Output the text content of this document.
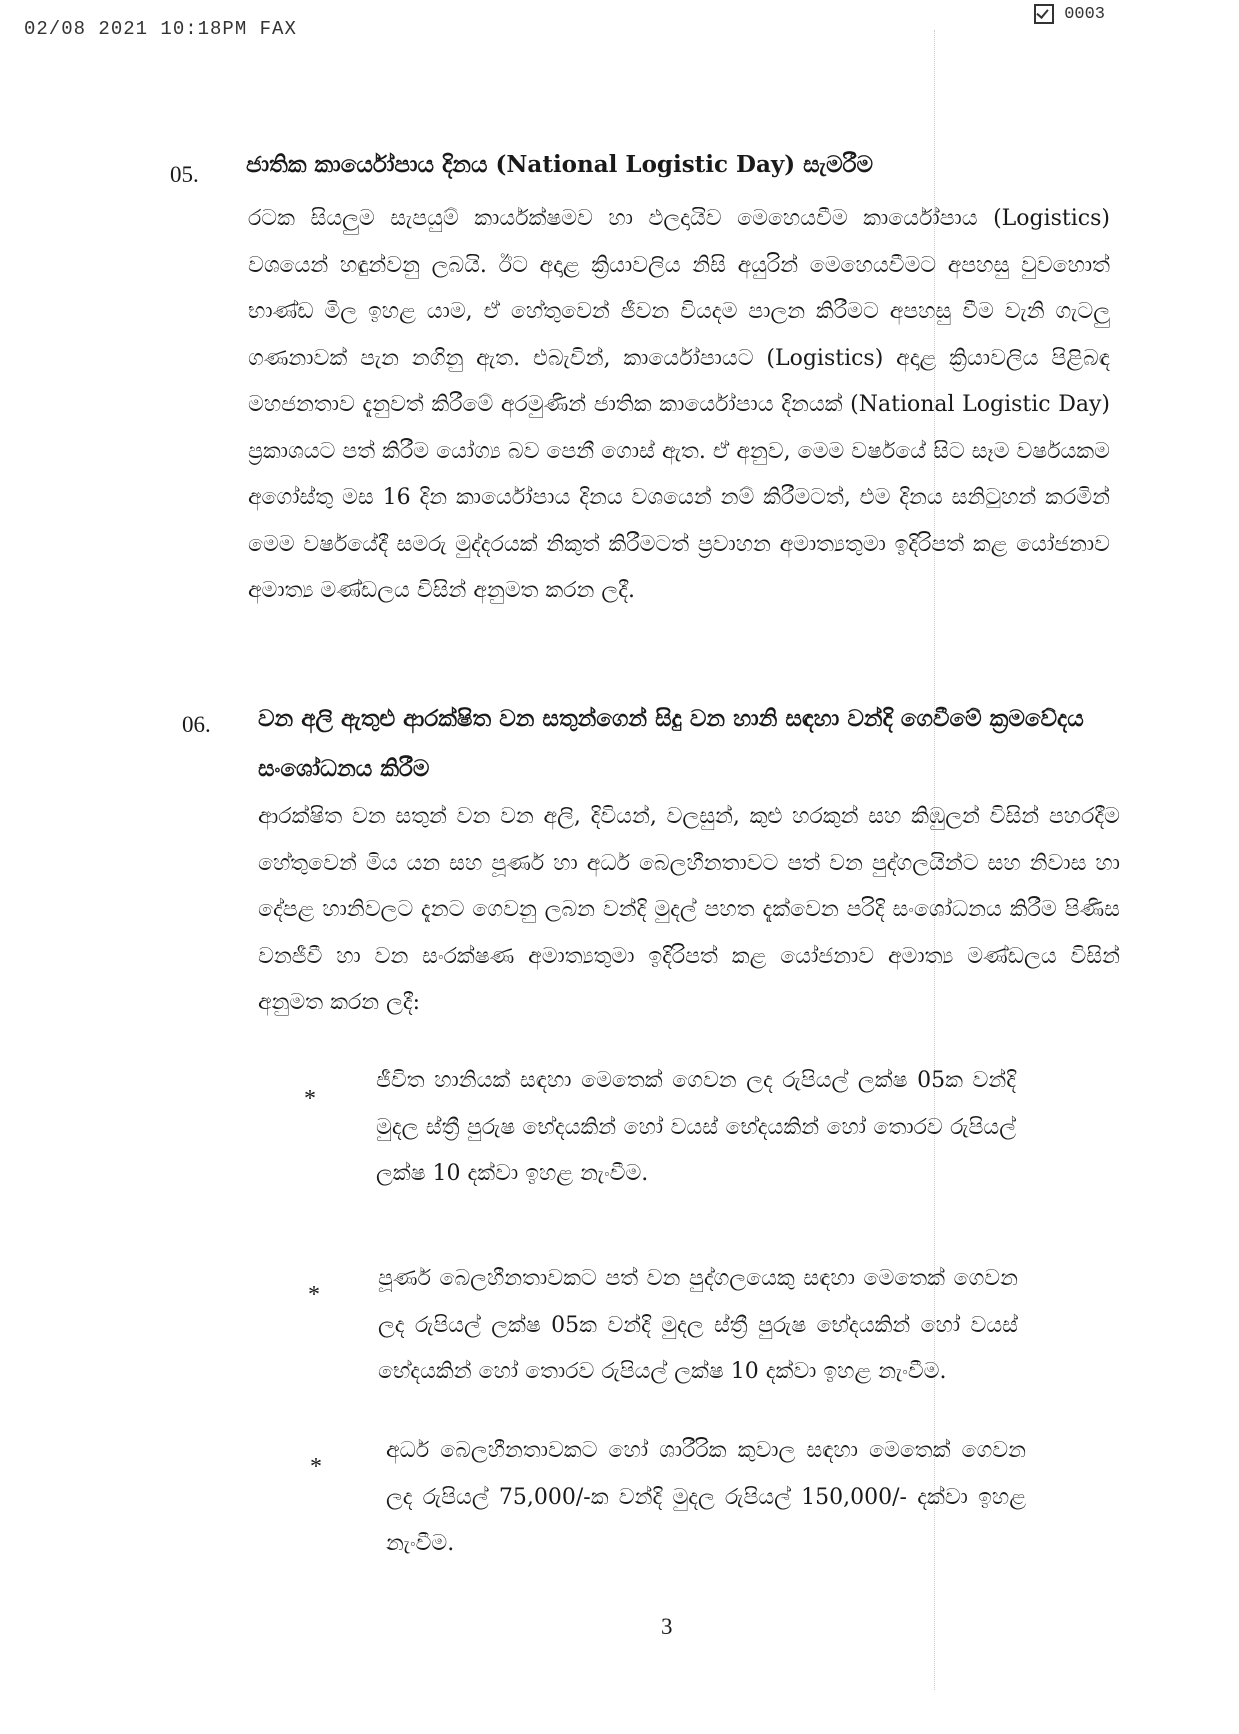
02/08 2021 10:18PM FAX
0003
05. ජාතික කාර්යෝපාය දිනය (National Logistic Day) සැමරීම
රටක සියලුම සැපයුම් කාර්යක්ෂමව හා ඵලදායිව මෙහෙයවීම කාර්යෝපාය (Logistics) වශයෙන් හඳුන්වනු ලබයි. ඊට අදාළ ක්‍රියාවලිය නිසි අයුරින් මෙහෙයවීමට අපහසු වුවහොත් භාණ්ඩ මිල ඉහළ යාම, ඒ හේතුවෙන් ජීවන වියදම පාලන කිරීමට අපහසු වීම වැනි ගැටලු ගණනාවක් පැන නගිනු ඇත. එබැවින්, කාර්යෝපායට (Logistics) අදාළ ක්‍රියාවලිය පිළිබඳ මහජනතාව දැනුවත් කිරීමේ අරමුණින් ජාතික කාර්යෝපාය දිනයක් (National Logistic Day) ප්‍රකාශයට පත් කිරීම යෝග්‍ය බව පෙනී ගොස් ඇත. ඒ අනුව, මෙම වර්ෂයේ සිට සෑම වර්ෂයකම අගෝස්තු මස 16 දින කාර්යෝපාය දිනය වශයෙන් නම් කිරීමටත්, එම දිනය සනිටුහන් කරමින් මෙම වර්ෂයේදී සමරු මුද්දරයක් නිකුත් කිරීමටත් ප්‍රවාහන අමාත්‍යතුමා ඉදිරිපත් කළ යෝජනාව අමාත්‍ය මණ්ඩලය විසින් අනුමත කරන ලදී.
06. වන අලි ඇතුළු ආරක්ෂිත වන සතුන්ගෙන් සිදු වන හානි සඳහා වන්දි ගෙවීමේ ක්‍රමවේදය සංශෝධනය කිරීම
ආරක්ෂිත වන සතුන් වන වන අලි, දිවියන්, වලසුන්, කුළු හරකුන් සහ කිඹුලන් විසින් පහරදීම හේතුවෙන් මිය යන සහ පූර්ණ හා අර්ධ බෙලහීනතාවට පත් වන පුද්ගලයින්ට සහ නිවාස හා දේපළ හානිවලට දැනට ගෙවනු ලබන වන්දි මුදල් පහත දැක්වෙන පරිදි සංශෝධනය කිරීම පිණිස වනජීවී හා වන සංරක්ෂණ අමාත්‍යතුමා ඉදිරිපත් කළ යෝජනාව අමාත්‍ය මණ්ඩලය විසින් අනුමත කරන ලදී:
*
ජීවිත හානියක් සඳහා මෙතෙක් ගෙවන ලද රුපියල් ලක්ෂ 05ක වන්දි මුදල ස්ත්‍රී පුරුෂ භේදයකින් හෝ වයස් භේදයකින් හෝ තොරව රුපියල් ලක්ෂ 10 දක්වා ඉහළ නැංවීම.
*
පූර්ණ බෙලහීනතාවකට පත් වන පුද්ගලයෙකු සඳහා මෙතෙක් ගෙවන ලද රුපියල් ලක්ෂ 05ක වන්දි මුදල ස්ත්‍රී පුරුෂ භේදයකින් හෝ වයස් භේදයකින් හෝ තොරව රුපියල් ලක්ෂ 10 දක්වා ඉහළ නැංවීම.
*
අර්ධ බෙලහීනතාවකට හෝ ශාරීරික කුවාල සඳහා මෙතෙක් ගෙවන ලද රුපියල් 75,000/-ක වන්දි මුදල රුපියල් 150,000/- දක්වා ඉහළ නැංවීම.
3
